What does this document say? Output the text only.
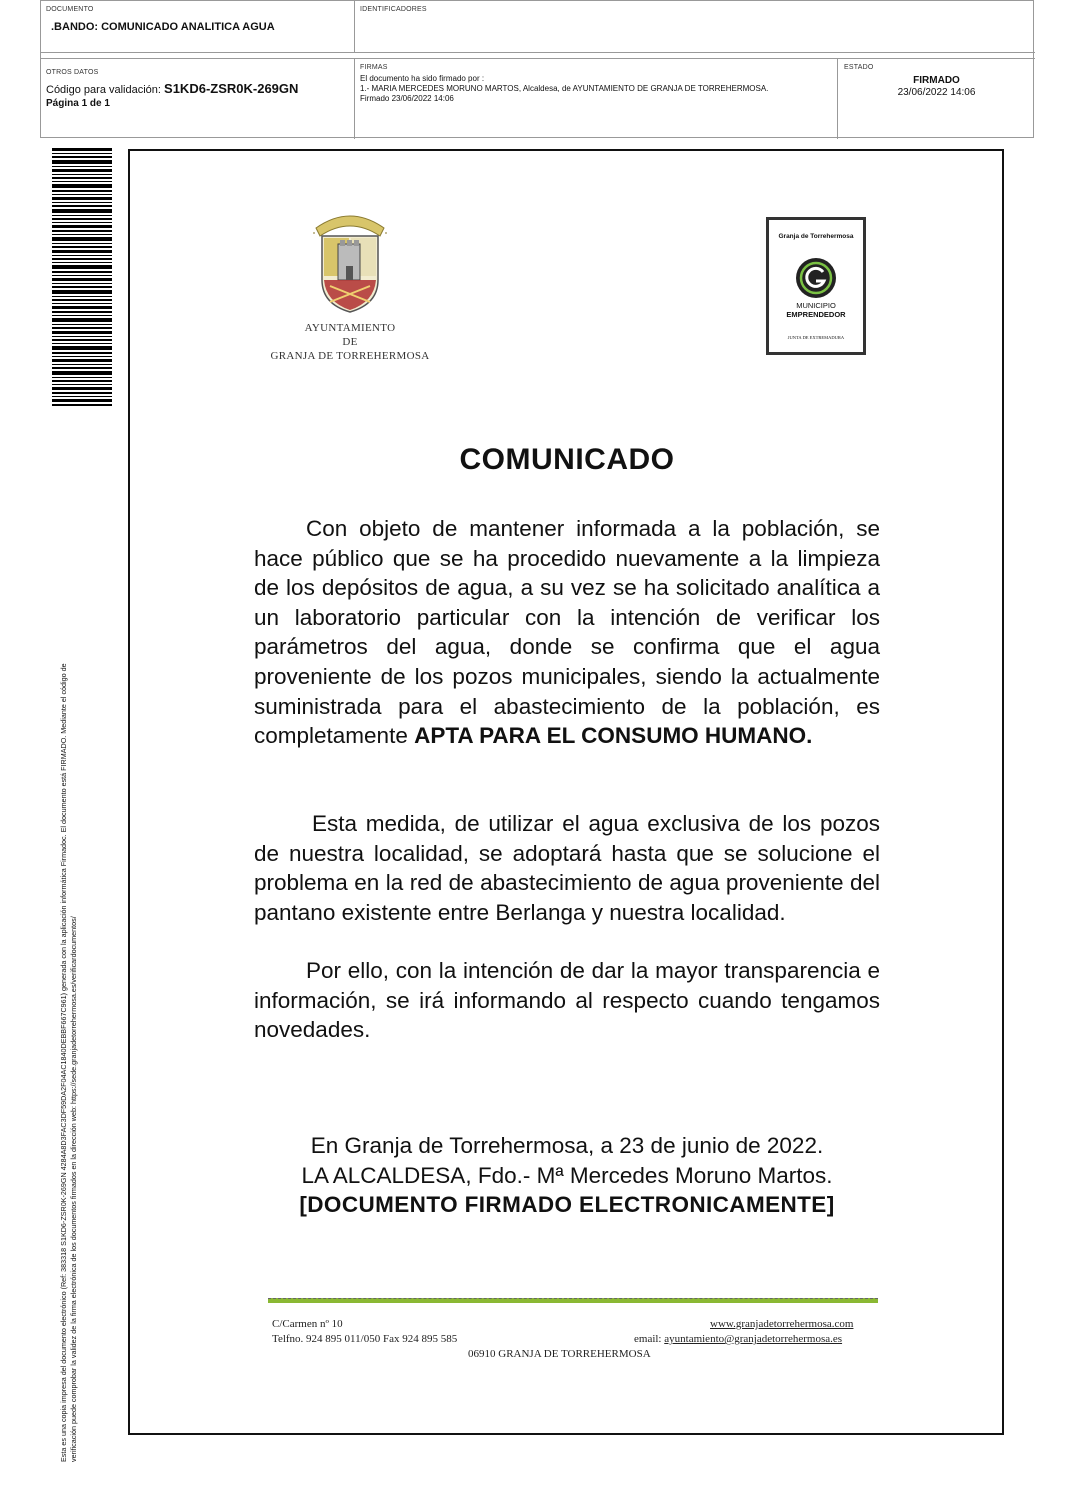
DOCUMENTO
.BANDO: COMUNICADO ANALITICA AGUA
IDENTIFICADORES
OTROS DATOS
Código para validación: S1KD6-ZSR0K-269GN
Página 1 de 1
FIRMAS
El documento ha sido firmado por :
1.- MARIA MERCEDES MORUNO MARTOS, Alcaldesa, de AYUNTAMIENTO DE GRANJA DE TORREHERMOSA.
Firmado 23/06/2022 14:06
ESTADO
FIRMADO
23/06/2022 14:06
Esta es una copia impresa del documento electrónico (Ref: 383318 S1KD6-ZSR0K-269GN 4284A8D3FAC3DF59DA2F04AC1840DEBBF667C961) generada con la aplicación informática Firmadoc. El documento está FIRMADO. Mediante el código de verificación puede comprobar la validez de la firma electrónica de los documentos firmados en la dirección web: https://sede.granjadetorrehermosa.es/verificardocumentos/
AYUNTAMIENTO
DE
GRANJA DE TORREHERMOSA
Granja de Torrehermosa
MUNICIPIO
EMPRENDEDOR
JUNTA DE EXTREMADURA
COMUNICADO
Con objeto de mantener informada a la población, se hace público que se ha procedido nuevamente a la limpieza de los depósitos de agua, a su vez se ha solicitado analítica a un laboratorio particular con la intención de verificar los parámetros del agua, donde se confirma que el agua proveniente de los pozos municipales, siendo la actualmente suministrada para el abastecimiento de la población, es completamente APTA PARA EL CONSUMO HUMANO.
Esta medida, de utilizar el agua exclusiva de los pozos de nuestra localidad, se adoptará hasta que se solucione el problema en la red de abastecimiento de agua proveniente del pantano existente entre Berlanga y nuestra localidad.
Por ello, con la intención de dar la mayor transparencia e información, se irá informando al respecto cuando tengamos novedades.
En Granja de Torrehermosa, a 23 de junio de 2022.
LA ALCALDESA, Fdo.- Mª Mercedes Moruno Martos.
[DOCUMENTO FIRMADO ELECTRONICAMENTE]
C/Carmen nº 10
Telfno. 924 895 011/050 Fax 924 895 585
www.granjadetorrehermosa.com
email: ayuntamiento@granjadetorrehermosa.es
06910 GRANJA DE TORREHERMOSA
